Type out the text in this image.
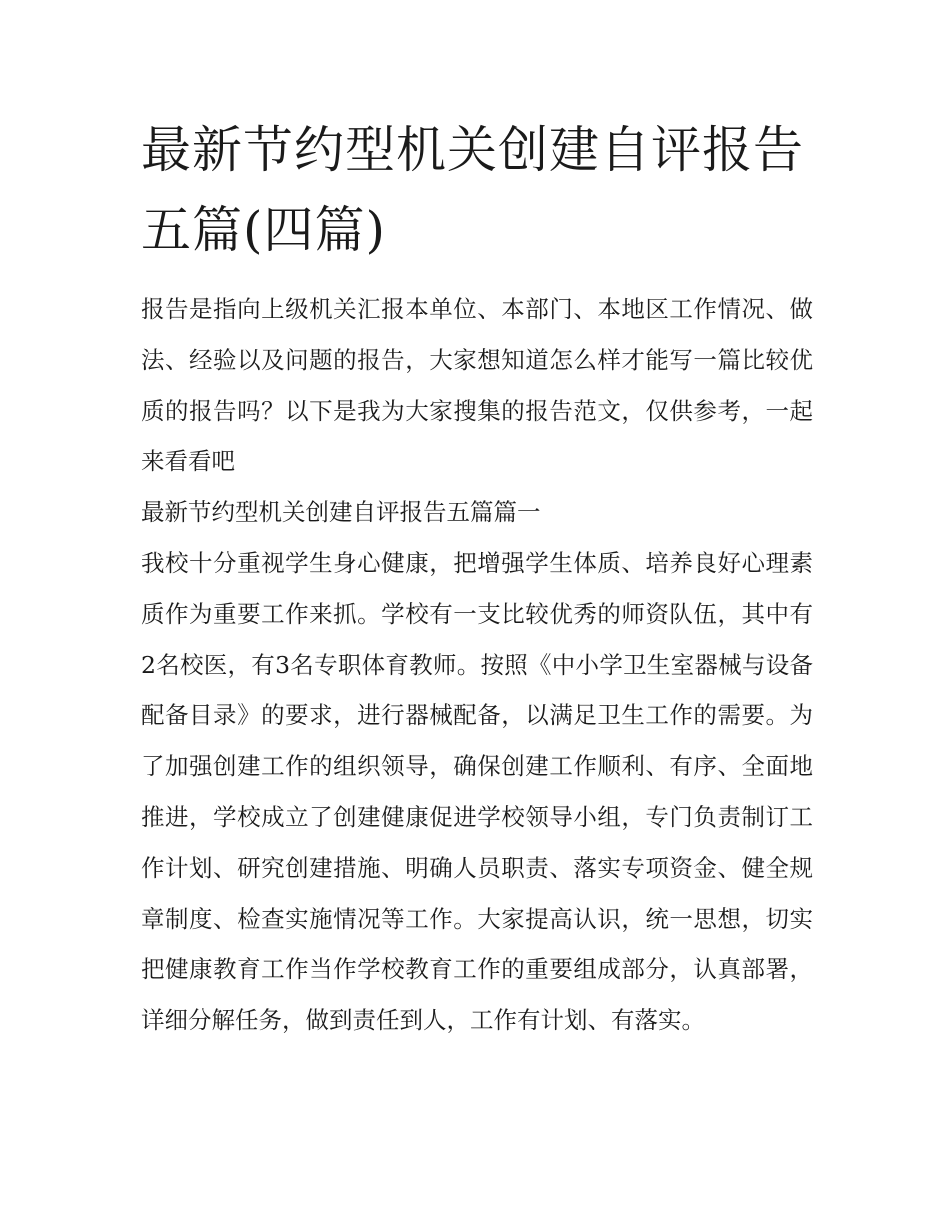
最新节约型机关创建自评报告五篇(四篇)

报告是指向上级机关汇报本单位、本部门、本地区工作情况、做法、经验以及问题的报告，大家想知道怎么样才能写一篇比较优质的报告吗？以下是我为大家搜集的报告范文，仅供参考，一起来看看吧

最新节约型机关创建自评报告五篇篇一

我校十分重视学生身心健康，把增强学生体质、培养良好心理素质作为重要工作来抓。学校有一支比较优秀的师资队伍，其中有2名校医，有3名专职体育教师。按照《中小学卫生室器械与设备配备目录》的要求，进行器械配备，以满足卫生工作的需要。为了加强创建工作的组织领导，确保创建工作顺利、有序、全面地推进，学校成立了创建健康促进学校领导小组，专门负责制订工作计划、研究创建措施、明确人员职责、落实专项资金、健全规章制度、检查实施情况等工作。大家提高认识，统一思想，切实把健康教育工作当作学校教育工作的重要组成部分，认真部署，详细分解任务，做到责任到人，工作有计划、有落实。
